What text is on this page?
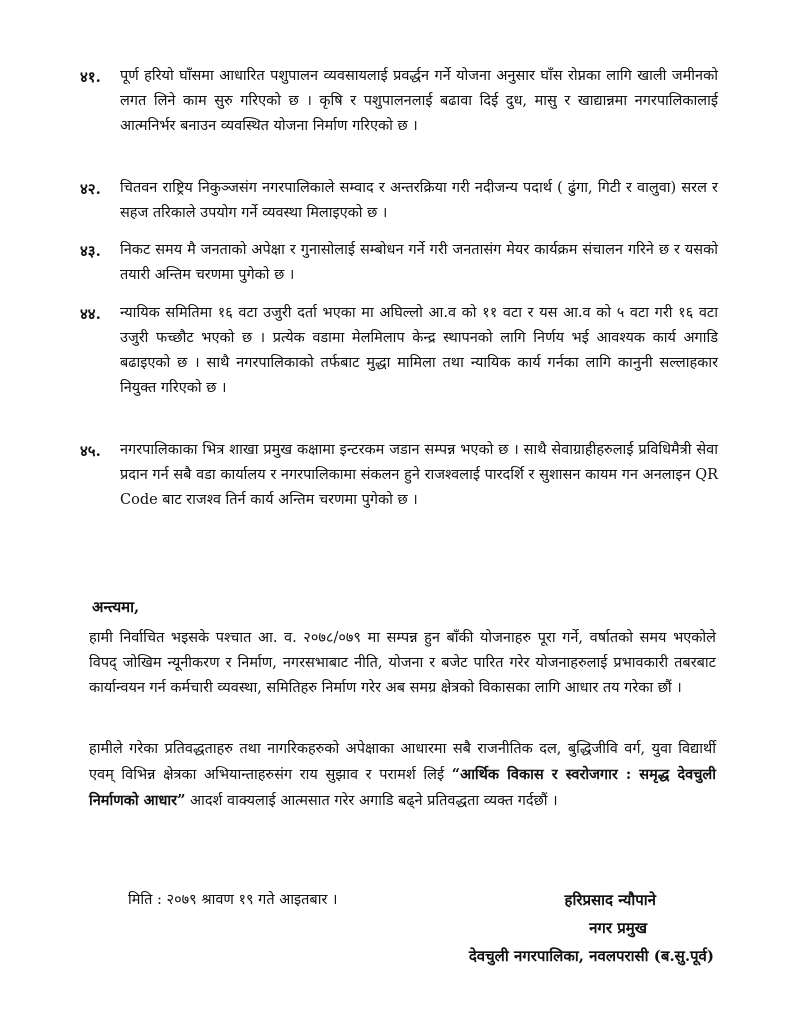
४१.	पूर्ण हरियो घाँसमा आधारित पशुपालन व्यवसायलाई प्रवर्द्धन गर्ने योजना अनुसार घाँस रोप्नका लागि खाली जमीनको लगत लिने काम सुरु गरिएको छ । कृषि र पशुपालनलाई बढावा दिई दुध, मासु र खाद्यान्नमा नगरपालिकालाई आत्मनिर्भर बनाउन व्यवस्थित योजना निर्माण गरिएको छ ।
४२.	चितवन राष्ट्रिय निकुञ्जसंग नगरपालिकाले सम्वाद र अन्तरक्रिया गरी नदीजन्य पदार्थ ( ढुंगा, गिटी र वालुवा) सरल र सहज तरिकाले उपयोग गर्ने व्यवस्था मिलाइएको छ ।
४३.	निकट समय मै जनताको अपेक्षा र गुनासोलाई सम्बोधन गर्ने गरी जनतासंग मेयर कार्यक्रम संचालन गरिने छ र यसको तयारी अन्तिम चरणमा पुगेको छ ।
४४.	न्यायिक समितिमा १६ वटा उजुरी दर्ता भएका मा अघिल्लो आ.व को ११ वटा र यस आ.व को ५ वटा गरी १६ वटा उजुरी फच्छौट भएको छ । प्रत्येक वडामा मेलमिलाप केन्द्र स्थापनको लागि निर्णय भई आवश्यक कार्य अगाडि बढाइएको छ । साथै नगरपालिकाको तर्फबाट मुद्धा मामिला तथा न्यायिक कार्य गर्नका लागि कानुनी सल्लाहकार नियुक्त गरिएको छ ।
४५.	नगरपालिकाका भित्र शाखा प्रमुख कक्षामा इन्टरकम जडान सम्पन्न भएको छ । साथै सेवाग्राहीहरुलाई प्रविधिमैत्री सेवा प्रदान गर्न सबै वडा कार्यालय र नगरपालिकामा संकलन हुने राजश्वलाई पारदर्शि र सुशासन कायम गन अनलाइन QR Code बाट राजश्व तिर्न कार्य अन्तिम चरणमा पुगेको छ ।
अन्त्यमा,
हामी निर्वाचित भइसके पश्चात आ. व. २०७८/०७९ मा सम्पन्न हुन बाँकी योजनाहरु पूरा गर्ने, वर्षातको समय भएकोले विपद् जोखिम न्यूनीकरण र निर्माण, नगरसभाबाट नीति, योजना र बजेट पारित गरेर योजनाहरुलाई प्रभावकारी तबरबाट कार्यान्वयन गर्न कर्मचारी व्यवस्था, समितिहरु निर्माण गरेर अब समग्र क्षेत्रको विकासका लागि आधार तय गरेका छौं ।
हामीले गरेका प्रतिवद्धताहरु तथा नागरिकहरुको अपेक्षाका आधारमा सबै राजनीतिक दल, बुद्धिजीवि वर्ग, युवा विद्यार्थी एवम् विभिन्न क्षेत्रका अभियान्ताहरुसंग राय सुझाव र परामर्श लिई “आर्थिक विकास र स्वरोजगार : समृद्ध देवचुली निर्माणको आधार” आदर्श वाक्यलाई आत्मसात गरेर अगाडि बढ्ने प्रतिवद्धता व्यक्त गर्दछौं ।
मिति : २०७९ श्रावण १९ गते आइतबार ।	हरिप्रसाद न्यौपाने
नगर प्रमुख
देवचुली नगरपालिका, नवलपरासी (ब.सु.पूर्व)
